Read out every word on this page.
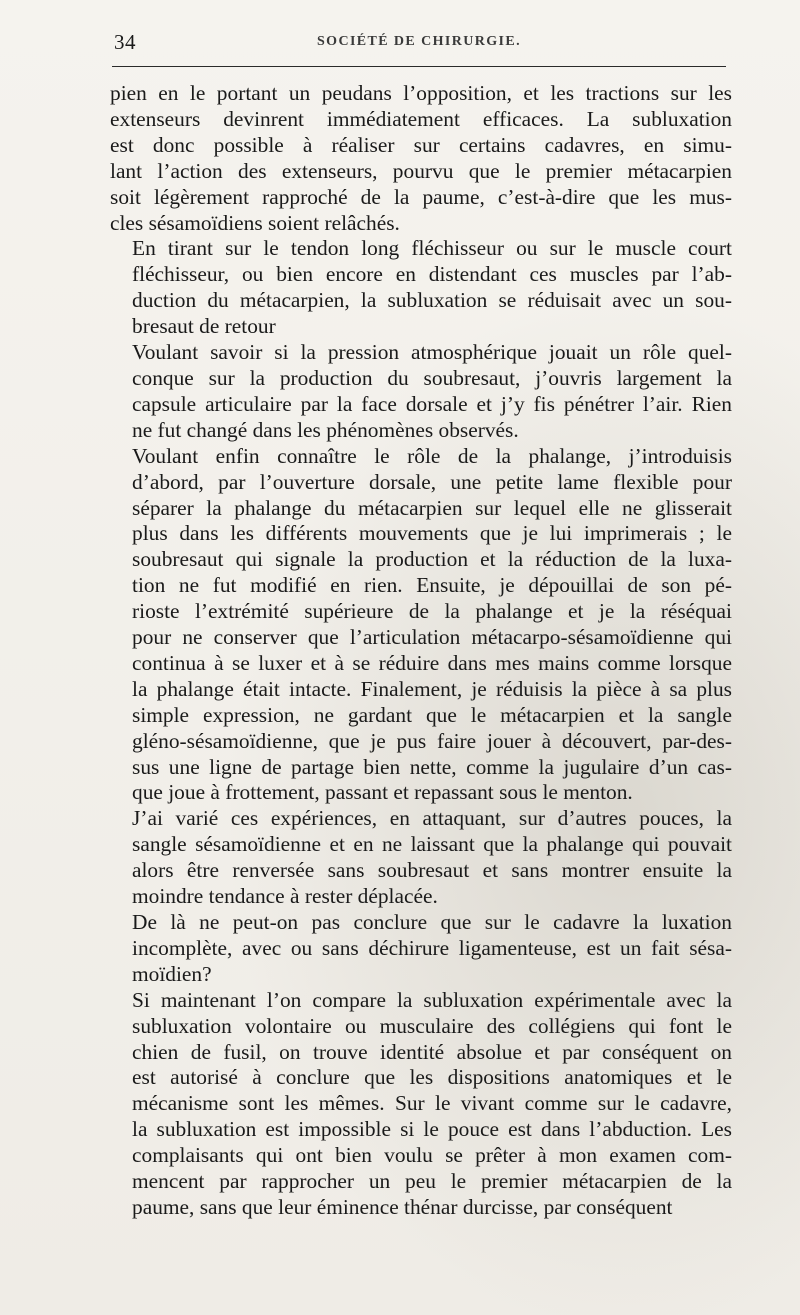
34	SOCIÉTÉ DE CHIRURGIE.

pien en le portant un peudans l’opposition, et les tractions sur les
extenseurs devinrent immédiatement efficaces. La subluxation
est donc possible à réaliser sur certains cadavres, en simu-
lant l’action des extenseurs, pourvu que le premier métacarpien
soit légèrement rapproché de la paume, c’est-à-dire que les mus-
cles sésamoïdiens soient relâchés.

En tirant sur le tendon long fléchisseur ou sur le muscle court
fléchisseur, ou bien encore en distendant ces muscles par l’ab-
duction du métacarpien, la subluxation se réduisait avec un sou-
bresaut de retour

Voulant savoir si la pression atmosphérique jouait un rôle quel-
conque sur la production du soubresaut, j’ouvris largement la
capsule articulaire par la face dorsale et j’y fis pénétrer l’air. Rien
ne fut changé dans les phénomènes observés.

Voulant enfin connaître le rôle de la phalange, j’introduisis
d’abord, par l’ouverture dorsale, une petite lame flexible pour
séparer la phalange du métacarpien sur lequel elle ne glisserait
plus dans les différents mouvements que je lui imprimerais ; le
soubresaut qui signale la production et la réduction de la luxa-
tion ne fut modifié en rien. Ensuite, je dépouillai de son pé-
rioste l’extrémité supérieure de la phalange et je la réséquai
pour ne conserver que l’articulation métacarpo-sésamoïdienne qui
continua à se luxer et à se réduire dans mes mains comme lorsque
la phalange était intacte. Finalement, je réduisis la pièce à sa plus
simple expression, ne gardant que le métacarpien et la sangle
gléno-sésamoïdienne, que je pus faire jouer à découvert, par-des-
sus une ligne de partage bien nette, comme la jugulaire d’un cas-
que joue à frottement, passant et repassant sous le menton.

J’ai varié ces expériences, en attaquant, sur d’autres pouces, la
sangle sésamoïdienne et en ne laissant que la phalange qui pouvait
alors être renversée sans soubresaut et sans montrer ensuite la
moindre tendance à rester déplacée.

De là ne peut-on pas conclure que sur le cadavre la luxation
incomplète, avec ou sans déchirure ligamenteuse, est un fait sésa-
moïdien?

Si maintenant l’on compare la subluxation expérimentale avec la
subluxation volontaire ou musculaire des collégiens qui font le
chien de fusil, on trouve identité absolue et par conséquent on
est autorisé à conclure que les dispositions anatomiques et le
mécanisme sont les mêmes. Sur le vivant comme sur le cadavre,
la subluxation est impossible si le pouce est dans l’abduction. Les
complaisants qui ont bien voulu se prêter à mon examen com-
mencent par rapprocher un peu le premier métacarpien de la
paume, sans que leur éminence thénar durcisse, par conséquent
